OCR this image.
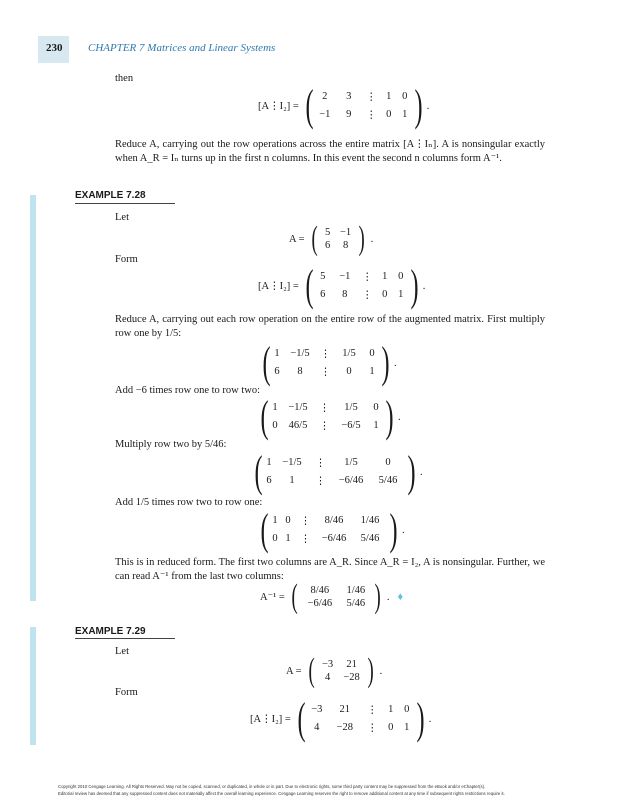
230 CHAPTER 7 Matrices and Linear Systems
then
[A⋮I₂] = ( 2	3	⋮	1	0
−1	9	⋮	0	1 ) .
Reduce A, carrying out the row operations across the entire matrix [A⋮Iₙ]. A is nonsingular exactly when A_R = Iₙ turns up in the first n columns. In this event the second n columns form A⁻¹.
EXAMPLE 7.28
Let
A = ( 5 −1
6	8 ) .
Form
[A⋮I₂] = ( 5	−1	⋮	1	0
6	8	⋮	0	1 ) .
Reduce A, carrying out each row operation on the entire row of the augmented matrix. First multiply row one by 1/5:
( 1	−1/5	⋮	1/5	0
6	8	⋮	0	1 ) .
Add −6 times row one to row two:
( 1	−1/5	⋮	1/5	0
0	46/5	⋮	−6/5	1 ) .
Multiply row two by 5/46:
( 1	−1/5	⋮	1/5	0
6	1	⋮	−6/46	5/46 ) .
Add 1/5 times row two to row one:
( 1 0 ⋮	8/46	1/46
0 1 ⋮	−6/46	5/46 ) .
This is in reduced form. The first two columns are A_R. Since A_R = I₂, A is nonsingular. Further, we can read A⁻¹ from the last two columns:
A⁻¹ = (	8/46	1/46
−6/46	5/46 ) . ♦
EXAMPLE 7.29
Let
A = ( −3	21
4	−28 ) .
Form
[A⋮I₂] = ( −3	21	⋮	1	0
4	−28	⋮	0	1 ) .
Copyright 2010 Cengage Learning. All Rights Reserved. May not be copied, scanned, or duplicated, in whole or in part. Due to electronic rights, some third party content may be suppressed from the eBook and/or eChapter(s).
Editorial review has deemed that any suppressed content does not materially affect the overall learning experience. Cengage Learning reserves the right to remove additional content at any time if subsequent rights restrictions require it.
